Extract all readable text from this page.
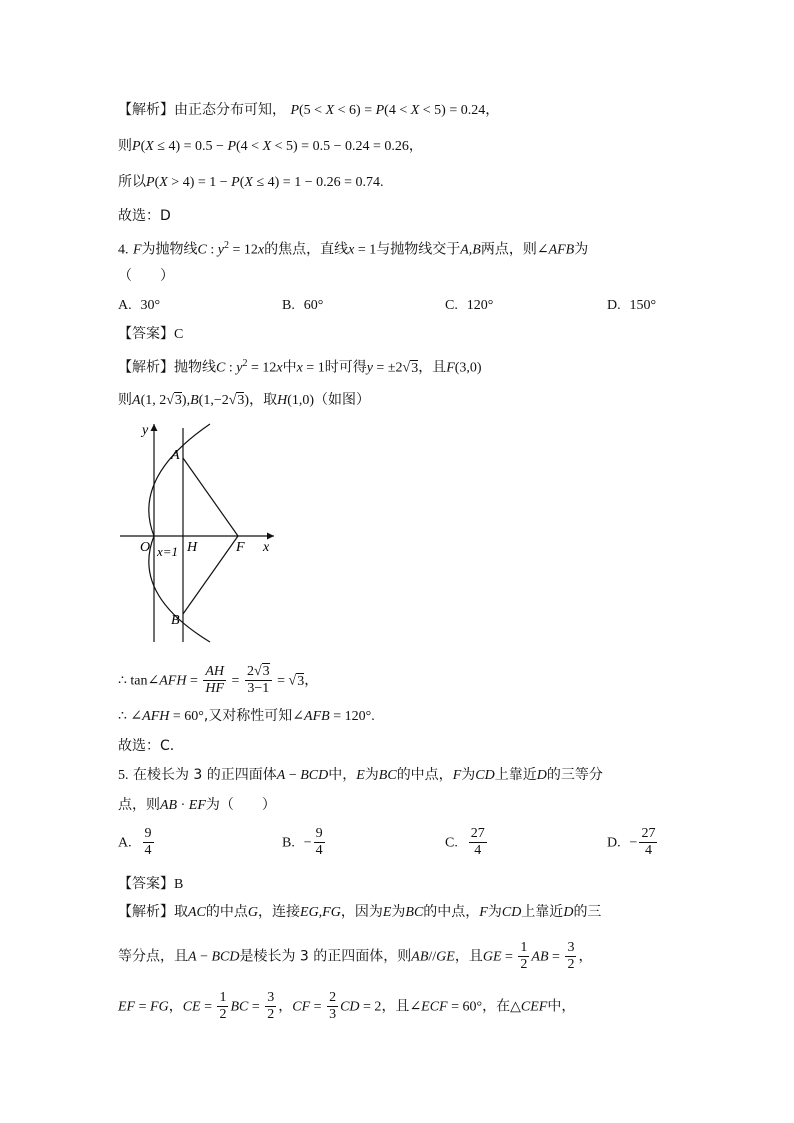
【解析】由正态分布可知， P(5 < X < 6) = P(4 < X < 5) = 0.24，
则P(X ≤ 4) = 0.5 − P(4 < X < 5) = 0.5 − 0.24 = 0.26，
所以P(X > 4) = 1 − P(X ≤ 4) = 1 − 0.26 = 0.74.
故选：D
4. F为抛物线C : $y^2 = 12x$的焦点，直线x = 1与抛物线交于A,B两点，则∠AFB为
（　　）
A. 30°	B. 60°	C. 120°	D. 150°
【答案】C
【解析】抛物线C : $y^2 = 12x$中x = 1时可得y = ±2√3，且F(3,0)
则A(1, 2√3),B(1,−2√3)，取H(1,0)（如图）
y
x
A
B
O	H	F
x=1
∴ tan∠AFH = $\frac{AH}{HF} = \frac{2√3}{3-1} = √3$，
∴ ∠AFH = 60°,又对称性可知∠AFB = 120°.
故选：C.
5. 在棱长为 3 的正四面体A − BCD中，E为BC的中点，F为CD上靠近D的三等分
点，则AB · EF为（　　）
A. $\frac{9}{4}$	B. − $\frac{9}{4}$	C. $\frac{27}{4}$	D. − $\frac{27}{4}$
【答案】B
【解析】取AC的中点G，连接EG,FG，因为E为BC的中点，F为CD上靠近D的三
等分点，且A − BCD是棱长为 3 的正四面体，则AB//GE，且GE = $\frac{1}{2}$ AB = $\frac{3}{2}$ ，
EF = FG，CE = $\frac{1}{2}$ BC = $\frac{3}{2}$ ，CF = $\frac{2}{3}$ CD = 2，且∠ECF = 60°，在△CEF中，
